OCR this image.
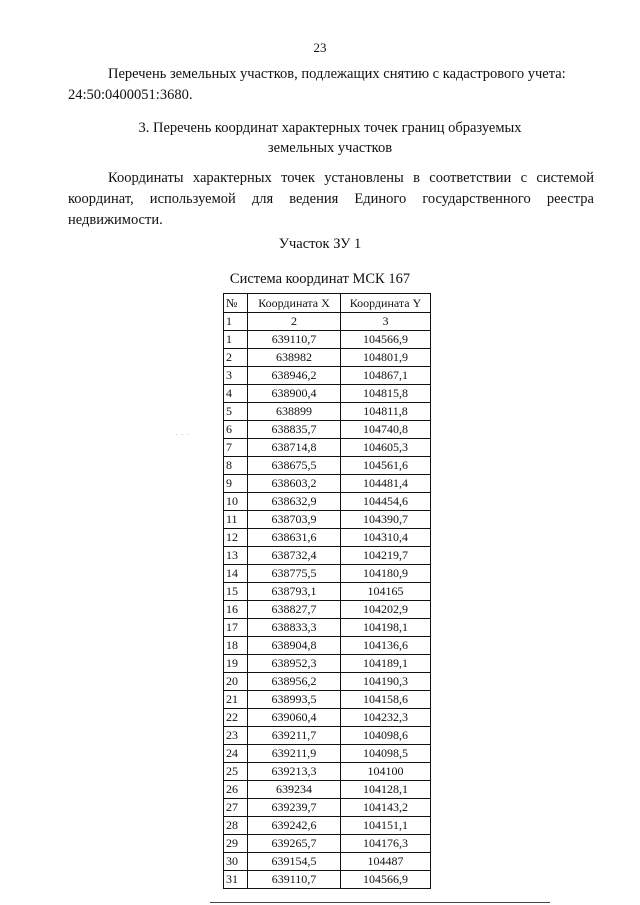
23

Перечень земельных участков, подлежащих снятию с кадастрового учета:
24:50:0400051:3680.

3. Перечень координат характерных точек границ образуемых
земельных участков

Координаты характерных точек установлены в соответствии с системой координат, используемой для ведения Единого государственного реестра недвижимости.

Участок ЗУ 1
Система координат МСК 167
· · ·
№	Координата X	Координата Y
1	2	3
1	639110,7	104566,9
2	638982	104801,9
3	638946,2	104867,1
4	638900,4	104815,8
5	638899	104811,8
6	638835,7	104740,8
7	638714,8	104605,3
8	638675,5	104561,6
9	638603,2	104481,4
10	638632,9	104454,6
11	638703,9	104390,7
12	638631,6	104310,4
13	638732,4	104219,7
14	638775,5	104180,9
15	638793,1	104165
16	638827,7	104202,9
17	638833,3	104198,1
18	638904,8	104136,6
19	638952,3	104189,1
20	638956,2	104190,3
21	638993,5	104158,6
22	639060,4	104232,3
23	639211,7	104098,6
24	639211,9	104098,5
25	639213,3	104100
26	639234	104128,1
27	639239,7	104143,2
28	639242,6	104151,1
29	639265,7	104176,3
30	639154,5	104487
31	639110,7	104566,9
